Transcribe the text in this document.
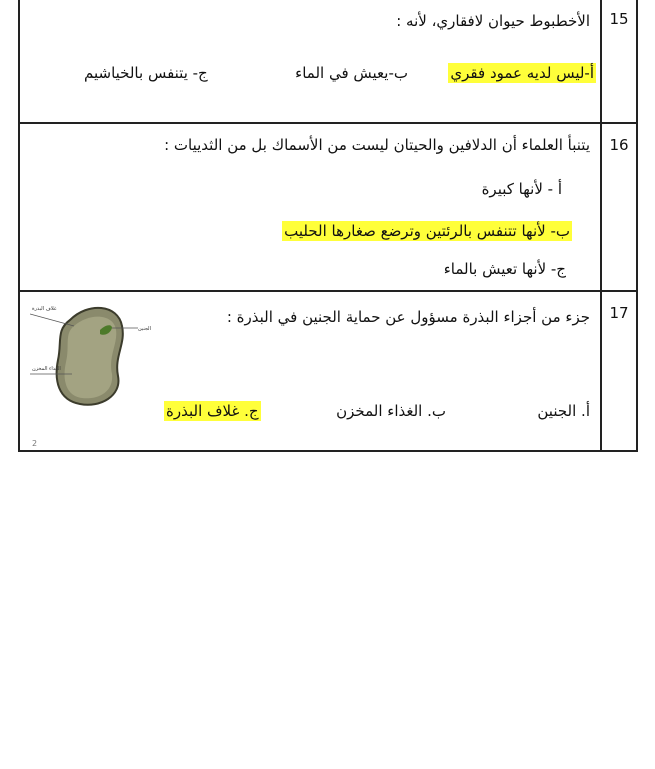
15
الأخطبوط حيوان لافقاري، لأنه :
أ-ليس لديه عمود فقري
ب-يعيش في الماء
ج- يتنفس بالخياشيم
16
يتنبأ العلماء أن الدلافين والحيتان ليست من الأسماك بل من الثدييات :
أ - لأنها كبيرة
ب- لأنها تتنفس بالرئتين وترضع صغارها الحليب
ج- لأنها تعيش بالماء
17
جزء من أجزاء البذرة مسؤول عن حماية الجنين في البذرة :
غلاف البذرة
الجنين
الغذاء المخزن
أ. الجنين
ب. الغذاء المخزن
ج. غلاف البذرة
2
